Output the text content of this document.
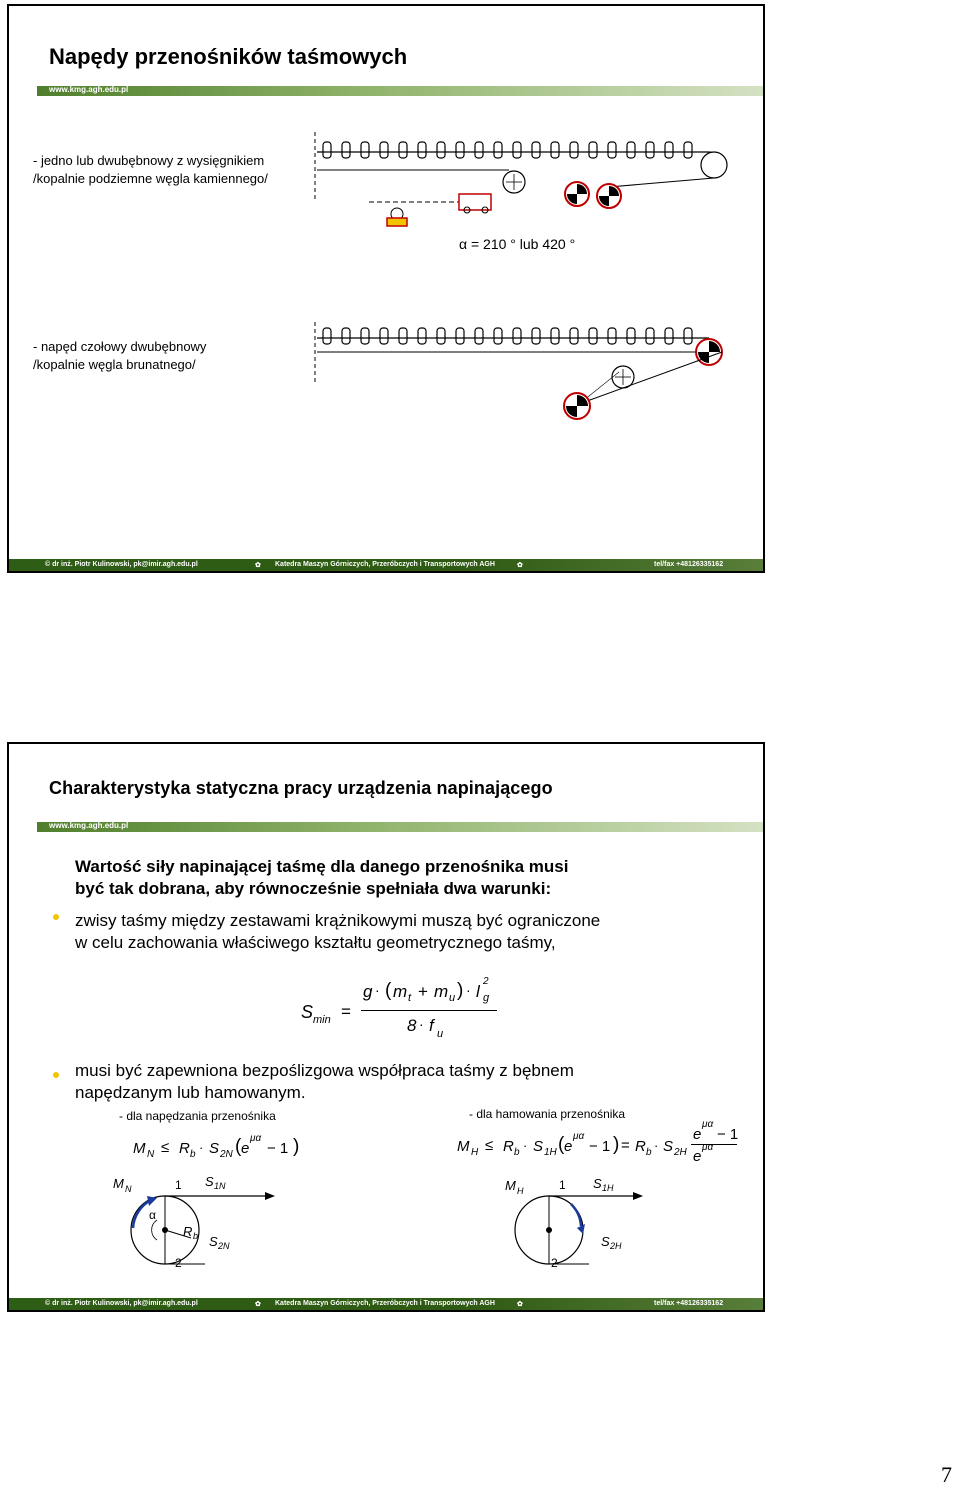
Napędy przenośników taśmowych
www.kmg.agh.edu.pl
- jedno lub dwubębnowy z wysięgnikiem
/kopalnie podziemne węgla kamiennego/
α = 210 ° lub 420 °
- napęd czołowy dwubębnowy
/kopalnie węgla brunatnego/
© dr inż. Piotr Kulinowski, pk@imir.agh.edu.pl	✿ Katedra Maszyn Górniczych, Przeróbczych i Transportowych AGH	✿	tel/fax +48126335162
Charakterystyka statyczna pracy urządzenia napinającego
www.kmg.agh.edu.pl
Wartość siły napinającej taśmę dla danego przenośnika musi
być tak dobrana, aby równocześnie spełniała dwa warunki:
zwisy taśmy między zestawami krążnikowymi muszą być ograniczone
w celu zachowania właściwego kształtu geometrycznego taśmy,
S min =
g · ( m t + m u ) · l
2
g
8 · f u
musi być zapewniona bezpoślizgowa współpraca taśmy z bębnem
napędzanym lub hamowanym.
- dla napędzania przenośnika	- dla hamowania przenośnika
M N ≤ R b · S 2N ( e
μα
− 1 )	M H ≤ R b · S 1H ( e
μα
− 1 ) = R b · S 2H
e
μα
− 1
e
μα
M N	1 S 1N
α
R b S 2N
2
M H	1 S 1H
S 2H
2
© dr inż. Piotr Kulinowski, pk@imir.agh.edu.pl	✿ Katedra Maszyn Górniczych, Przeróbczych i Transportowych AGH	✿	tel/fax +48126335162
7
